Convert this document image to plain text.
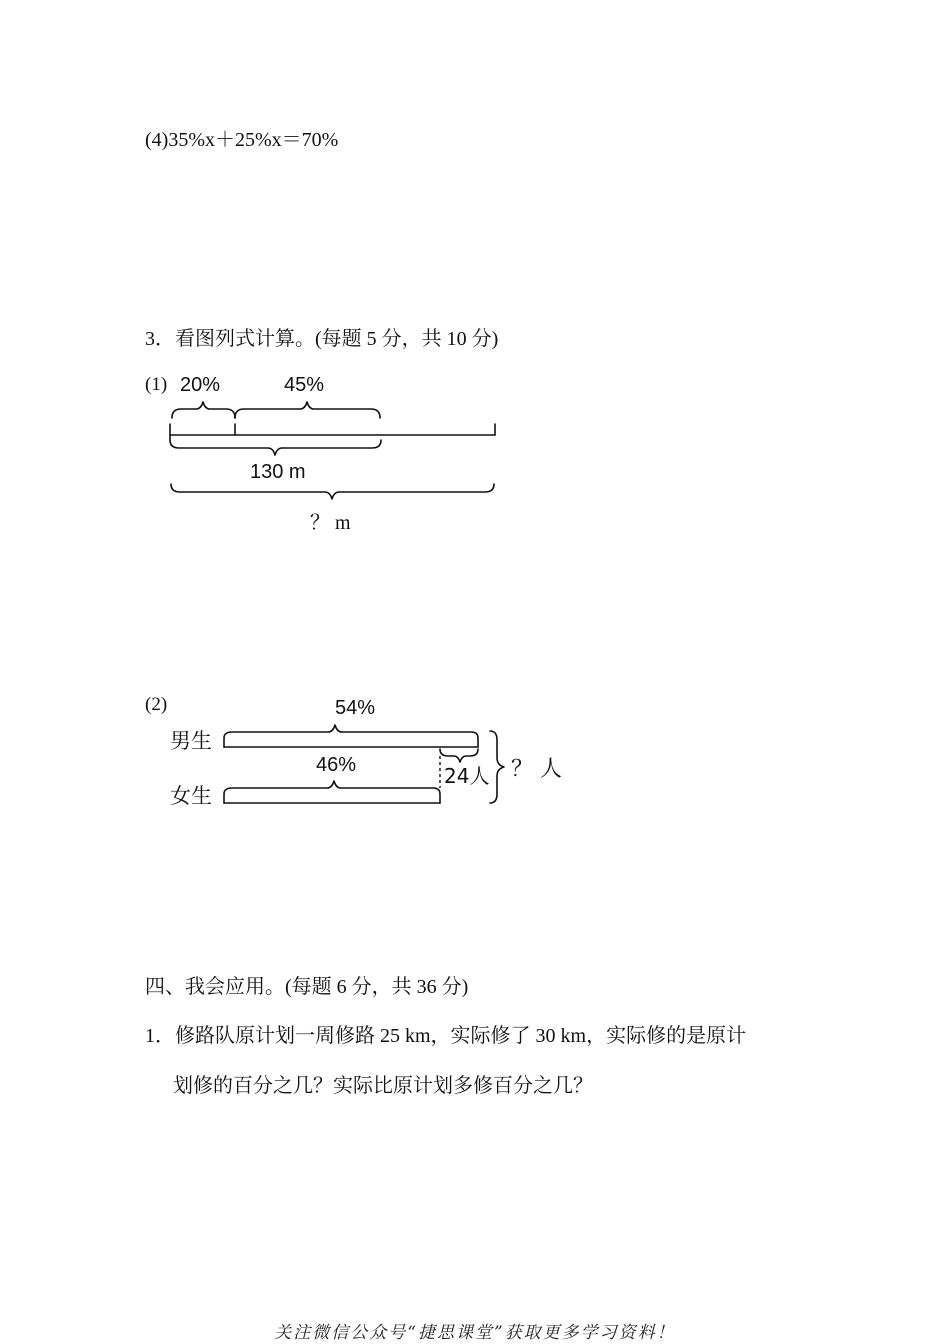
(4)35%x＋25%x＝70%
3．看图列式计算。(每题 5 分，共 10 分)
(1) 20%	45%
130 m
？ m
(2)	54%
男生
46%	24人 ？ 人
女生
四、我会应用。(每题 6 分，共 36 分)
1．修路队原计划一周修路 25 km，实际修了 30 km，实际修的是原计
划修的百分之几？实际比原计划多修百分之几？
关注微信公众号“捷思课堂”获取更多学习资料！
